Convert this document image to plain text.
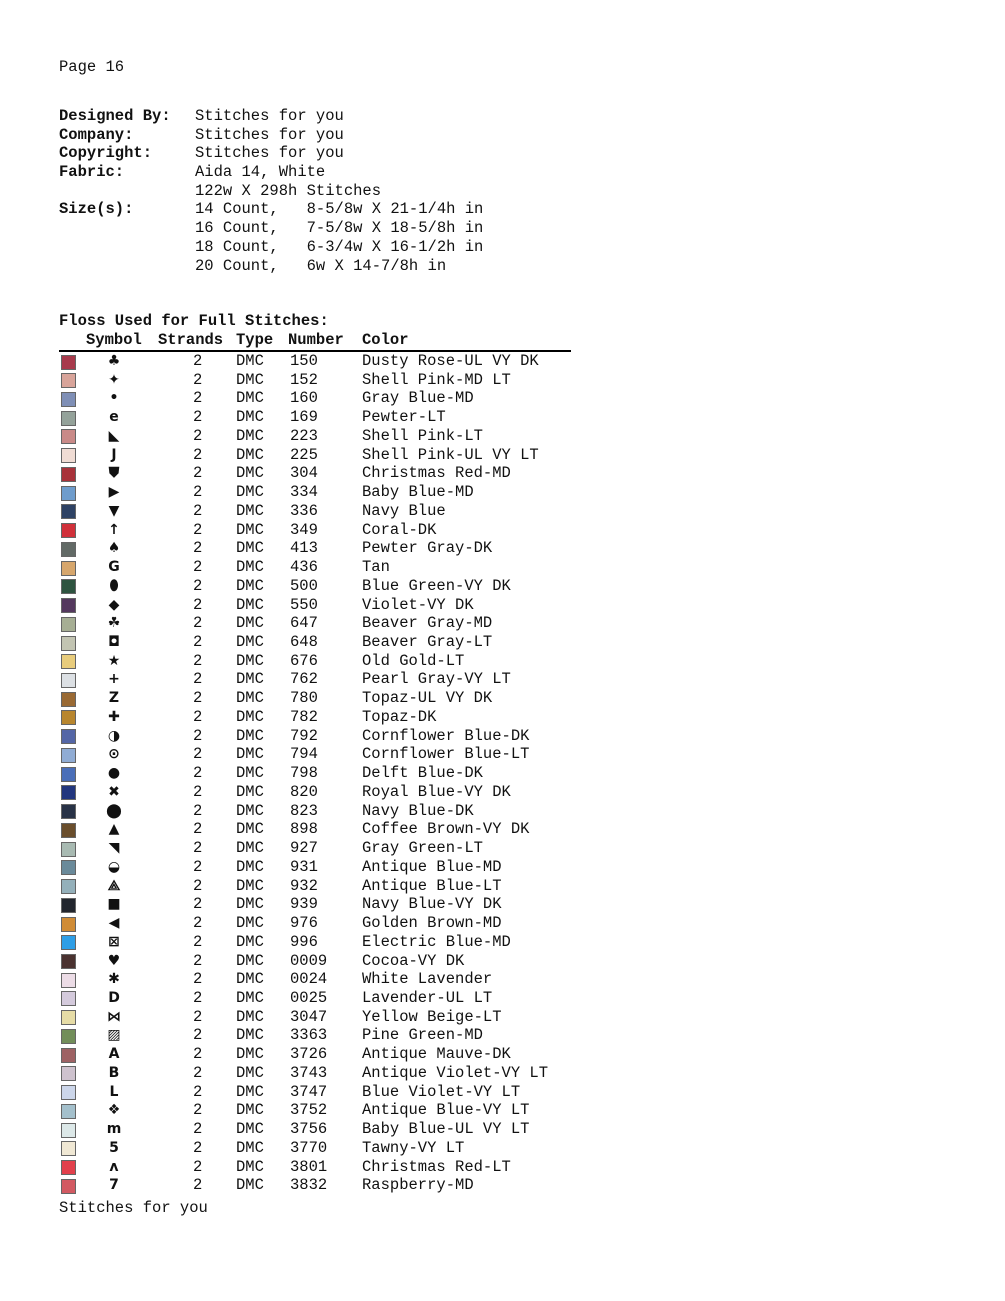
Page 16
Designed By:	Stitches for you
Company:	Stitches for you
Copyright:	Stitches for you
Fabric:	Aida 14, White
122w X 298h Stitches
Size(s):	14 Count,   8-5/8w X 21-1/4h in
16 Count,   7-5/8w X 18-5/8h in
18 Count,   6-3/4w X 16-1/2h in
20 Count,   6w X 14-7/8h in
Floss Used for Full Stitches:
Symbol Strands Type Number Color
♣	2 DMC 150	Dusty Rose-UL VY DK
✦	2 DMC 152	Shell Pink-MD LT
•	2 DMC 160	Gray Blue-MD
e	2 DMC 169	Pewter-LT
◣	2 DMC 223	Shell Pink-LT
J	2 DMC 225	Shell Pink-UL VY LT
⛊	2 DMC 304	Christmas Red-MD
▶	2 DMC 334	Baby Blue-MD
▼	2 DMC 336	Navy Blue
↑	2 DMC 349	Coral-DK
♠	2 DMC 413	Pewter Gray-DK
G	2 DMC 436	Tan
⬮	2 DMC 500	Blue Green-VY DK
◆	2 DMC 550	Violet-VY DK
☘	2 DMC 647	Beaver Gray-MD
◘	2 DMC 648	Beaver Gray-LT
★	2 DMC 676	Old Gold-LT
+	2 DMC 762	Pearl Gray-VY LT
Z	2 DMC 780	Topaz-UL VY DK
✚	2 DMC 782	Topaz-DK
◑	2 DMC 792	Cornflower Blue-DK
⊙	2 DMC 794	Cornflower Blue-LT
●	2 DMC 798	Delft Blue-DK
✖	2 DMC 820	Royal Blue-VY DK
⬤	2 DMC 823	Navy Blue-DK
▲	2 DMC 898	Coffee Brown-VY DK
◥	2 DMC 927	Gray Green-LT
◒	2 DMC 931	Antique Blue-MD
⟁	2 DMC 932	Antique Blue-LT
■	2 DMC 939	Navy Blue-VY DK
◀	2 DMC 976	Golden Brown-MD
⊠	2 DMC 996	Electric Blue-MD
♥	2 DMC 0009 Cocoa-VY DK
✱	2 DMC 0024 White Lavender
D	2 DMC 0025 Lavender-UL LT
⋈	2 DMC 3047 Yellow Beige-LT
▨	2 DMC 3363 Pine Green-MD
A	2 DMC 3726 Antique Mauve-DK
B	2 DMC 3743 Antique Violet-VY LT
L	2 DMC 3747 Blue Violet-VY LT
❖	2 DMC 3752 Antique Blue-VY LT
m	2 DMC 3756 Baby Blue-UL VY LT
5	2 DMC 3770 Tawny-VY LT
ʌ	2 DMC 3801 Christmas Red-LT
7	2 DMC 3832 Raspberry-MD
Stitches for you
